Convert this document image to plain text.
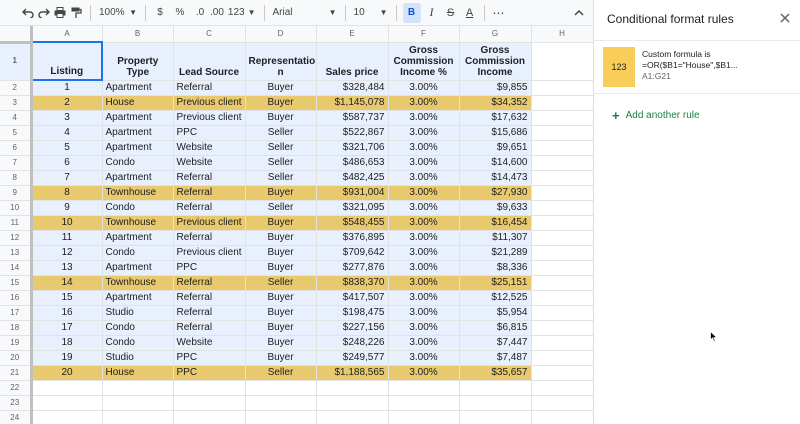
100% ▼	$	%	.0 .00 123 ▼ Arial	▼ 10 ▼	B	I	S	A	⋯
	A	B	C	D	E	F	G	H
1	Listing	Property Type	Lead Source	Representatio n	Sales price	Gross Commission Income %	Gross Commission Income	
2	1	Apartment	Referral	Buyer	$328,484	3.00%	$9,855	
3	2	House	Previous client	Buyer	$1,145,078	3.00%	$34,352	
4	3	Apartment	Previous client	Buyer	$587,737	3.00%	$17,632	
5	4	Apartment	PPC	Seller	$522,867	3.00%	$15,686	
6	5	Apartment	Website	Seller	$321,706	3.00%	$9,651	
7	6	Condo	Website	Seller	$486,653	3.00%	$14,600	
8	7	Apartment	Referral	Seller	$482,425	3.00%	$14,473	
9	8	Townhouse	Referral	Buyer	$931,004	3.00%	$27,930	
10	9	Condo	Referral	Seller	$321,095	3.00%	$9,633	
11	10	Townhouse	Previous client	Buyer	$548,455	3.00%	$16,454	
12	11	Apartment	Referral	Buyer	$376,895	3.00%	$11,307	
13	12	Condo	Previous client	Buyer	$709,642	3.00%	$21,289	
14	13	Apartment	PPC	Buyer	$277,876	3.00%	$8,336	
15	14	Townhouse	Referral	Seller	$838,370	3.00%	$25,151	
16	15	Apartment	Referral	Buyer	$417,507	3.00%	$12,525	
17	16	Studio	Referral	Buyer	$198,475	3.00%	$5,954	
18	17	Condo	Referral	Buyer	$227,156	3.00%	$6,815	
19	18	Condo	Website	Buyer	$248,226	3.00%	$7,447	
20	19	Studio	PPC	Buyer	$249,577	3.00%	$7,487	
21	20	House	PPC	Seller	$1,188,565	3.00%	$35,657	
22								
23								
24								
Conditional format rules
123
Custom formula is
=OR($B1="House",$B1...
A1:G21
+ Add another rule
